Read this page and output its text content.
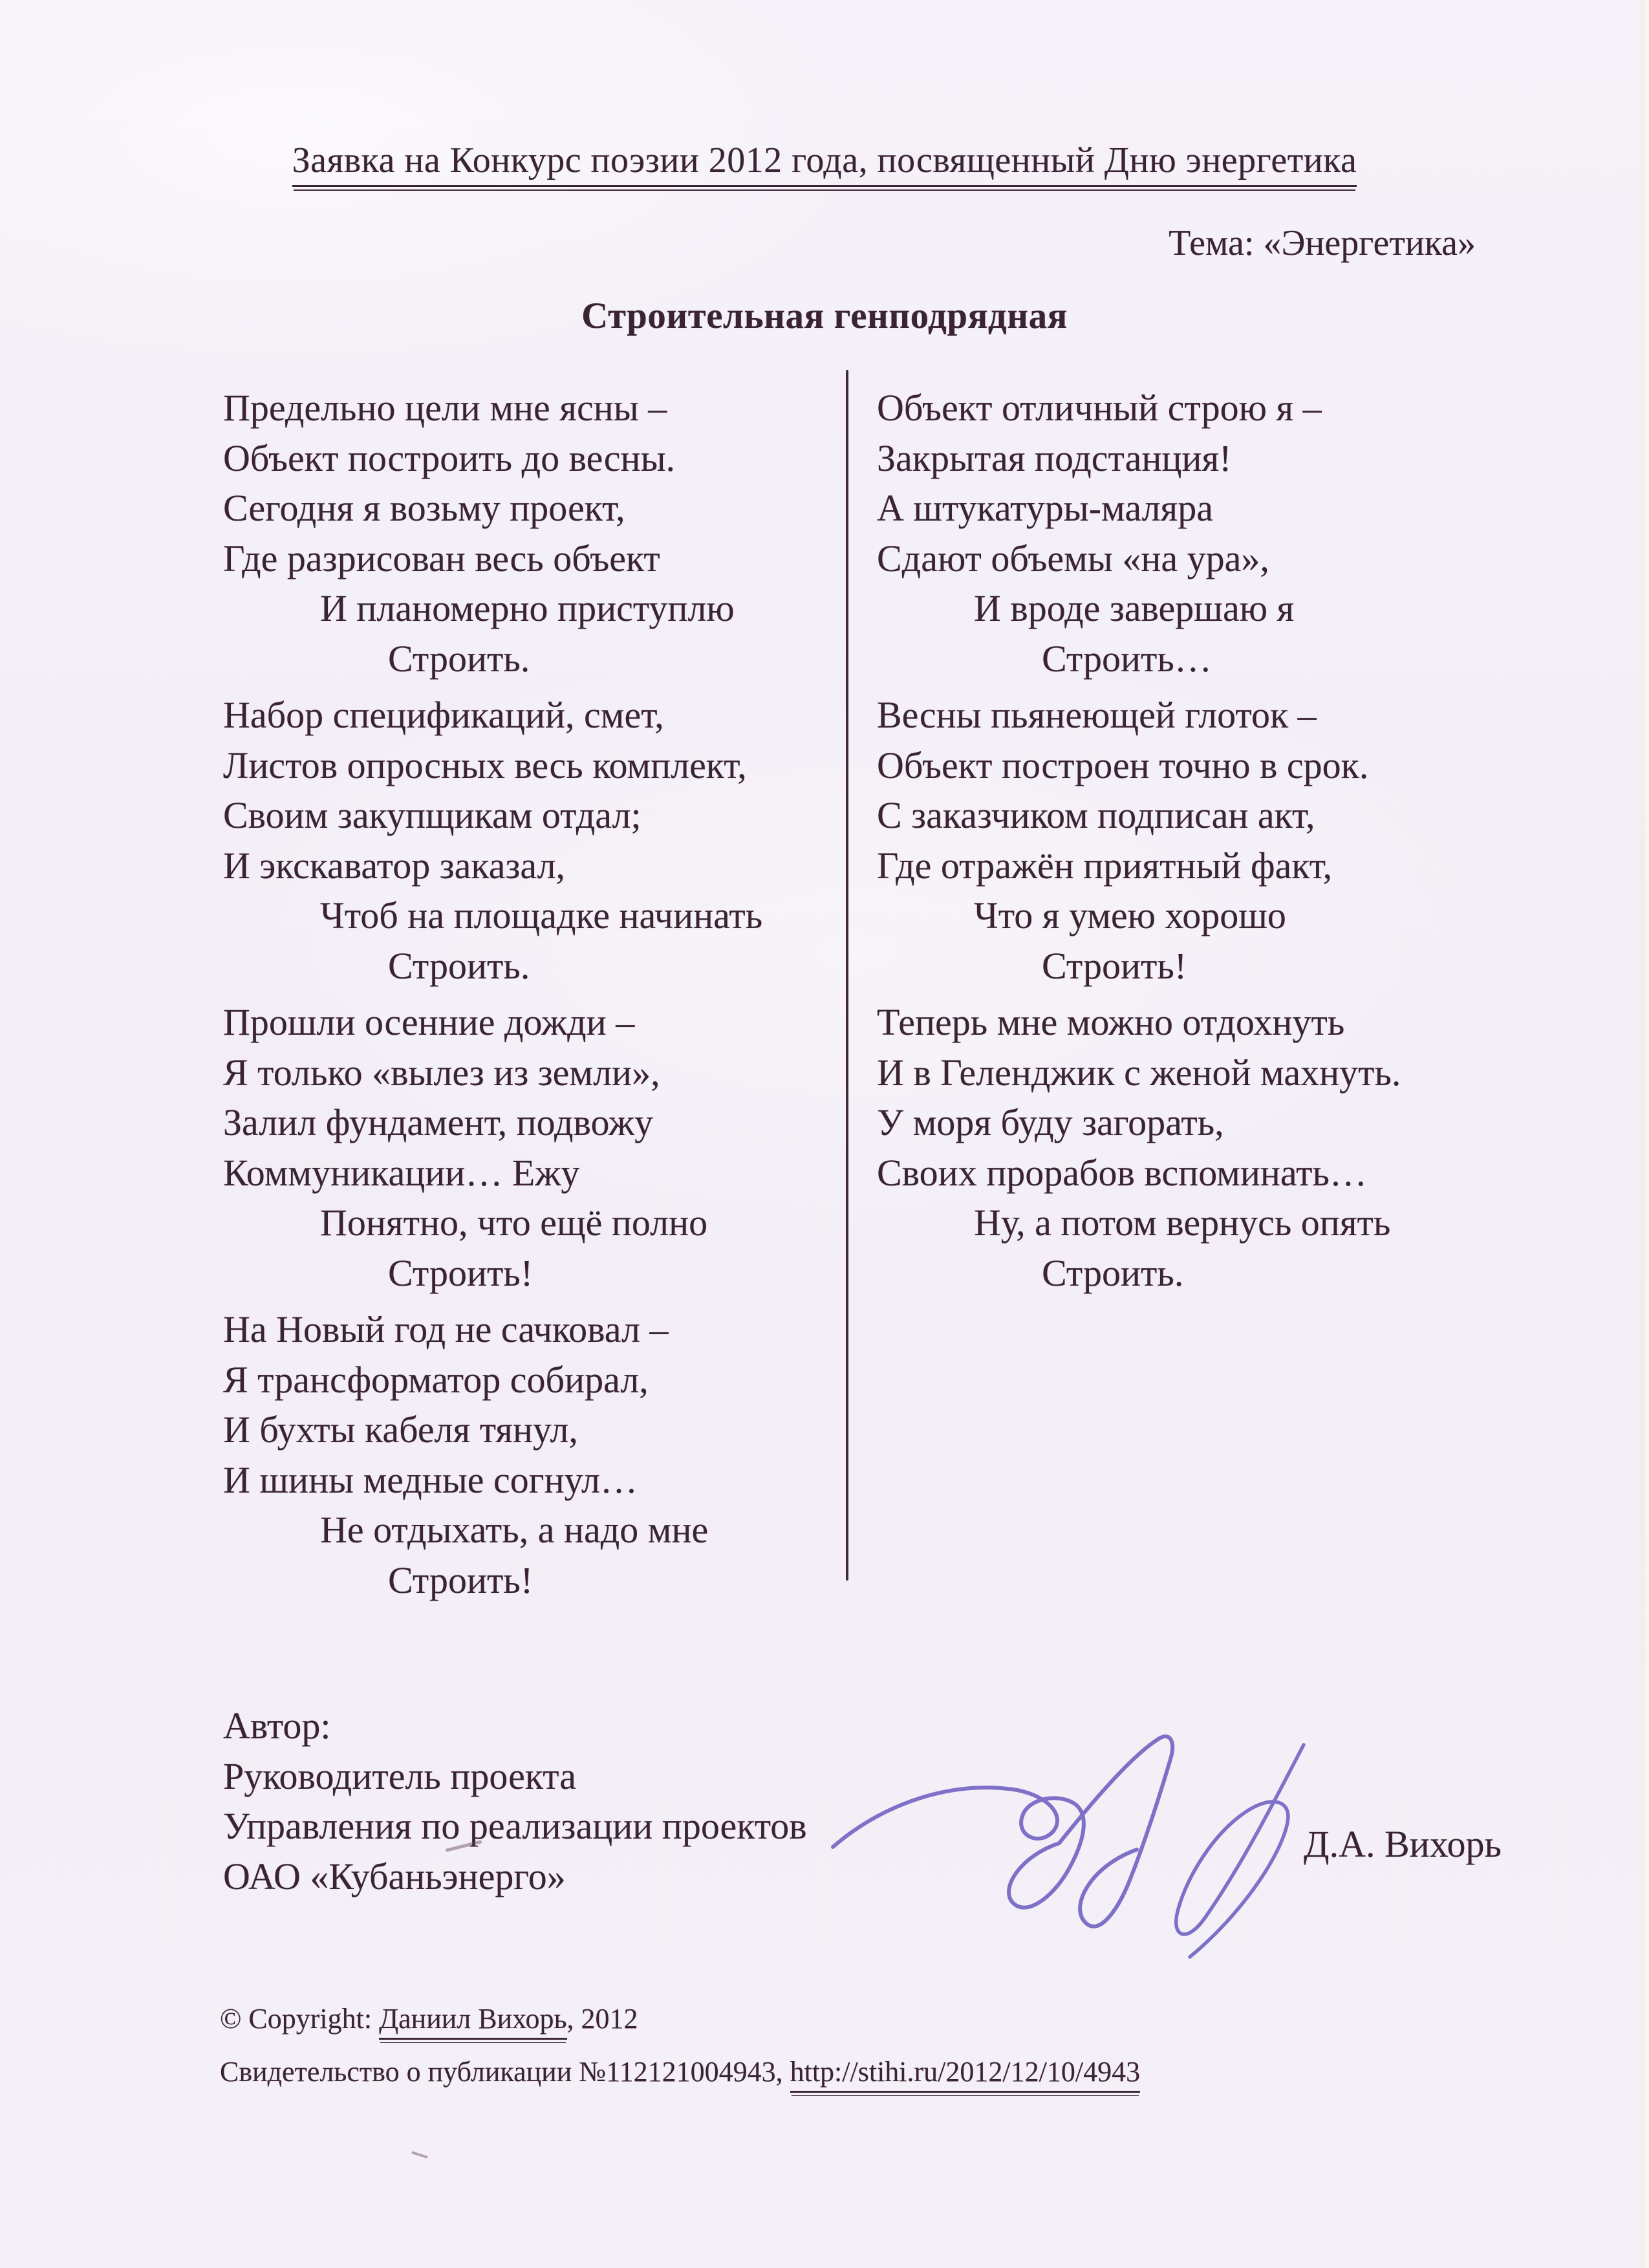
Заявка на Конкурс поэзии 2012 года, посвященный Дню энергетика
Тема: «Энергетика»
Строительная генподрядная
Предельно цели мне ясны –
Объект построить до весны.
Сегодня я возьму проект,
Где разрисован весь объект
И планомерно приступлю
Строить.
Набор спецификаций, смет,
Листов опросных весь комплект,
Своим закупщикам отдал;
И экскаватор заказал,
Чтоб на площадке начинать
Строить.
Прошли осенние дожди –
Я только «вылез из земли»,
Залил фундамент, подвожу
Коммуникации… Ежу
Понятно, что ещё полно
Строить!
На Новый год не сачковал –
Я трансформатор собирал,
И бухты кабеля тянул,
И шины медные согнул…
Не отдыхать, а надо мне
Строить!
Объект отличный строю я –
Закрытая подстанция!
А штукатуры-маляра
Сдают объемы «на ура»,
И вроде завершаю я
Строить…
Весны пьянеющей глоток –
Объект построен точно в срок.
С заказчиком подписан акт,
Где отражён приятный факт,
Что я умею хорошо
Строить!
Теперь мне можно отдохнуть
И в Геленджик с женой махнуть.
У моря буду загорать,
Своих прорабов вспоминать…
Ну, а потом вернусь опять
Строить.
Автор:
Руководитель проекта
Управления по реализации проектов
ОАО «Кубаньэнерго»
Д.А. Вихорь
© Copyright: Даниил Вихорь, 2012
Свидетельство о публикации №112121004943, http://stihi.ru/2012/12/10/4943
